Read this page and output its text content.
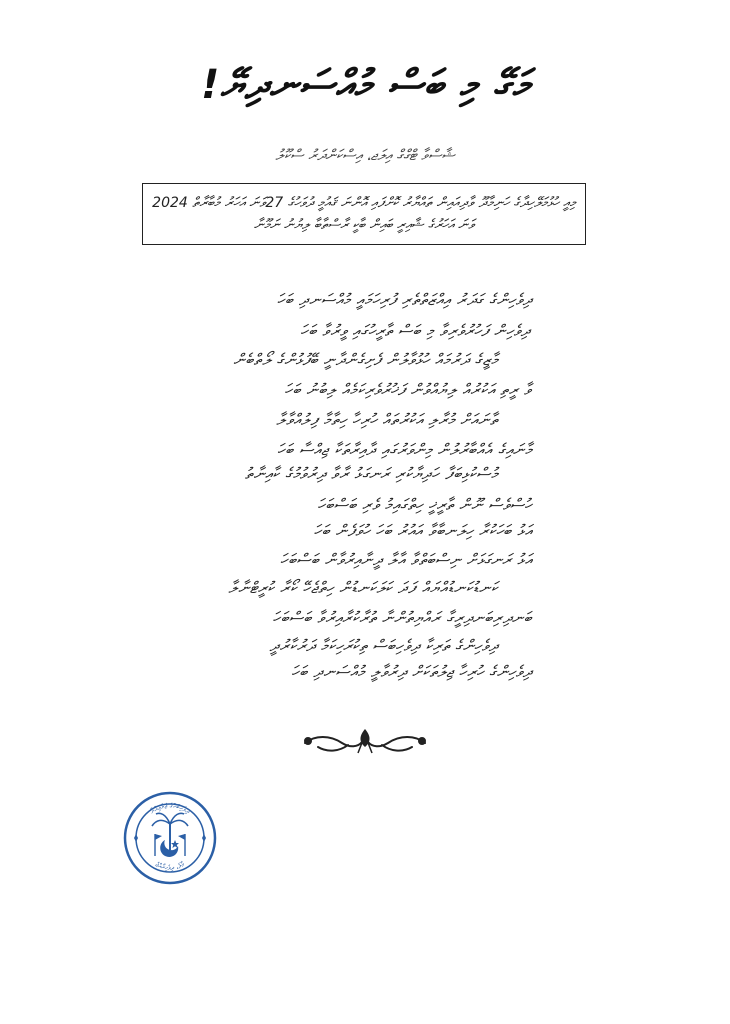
މަގޭ މި ބަސް މުއްސަނދިޔޭ!
ޝާސްވާ ޓްގްގް އިލަޖ، އިސްކަންދަރު ސްކޫލު
މިއީ ހުޅުމަލޭހިދާގެ ހަނިމާދޫ ވާދިއައިން ތައްޔާރު ކޮށްފައި އޮންނަ ޤައުމީ ދުވަހުގެ 27ވަނަ އަހަރު މުބާރާތް 2024
ވަނަ އަހަރުގެ ޝާއިރީ ބައިން ބާކީ ރާސްތާބާ ލިޔުނު ނަމޫނާ
ދިވެހިންގެ ގަދަރު އިއްޒަތްތެރި ފުރިހަމައީ މުއްސަނދި ބަހަ
ދިވެހިން ފަހުރުވެރިވާ މި ބަސް ތާރީހުގައި ވީރުވާ ބަހަ
މާޒީގެ ދަރުމައް ހުޅުވާލުން ފެށިގެންދާނީ ބޭފުޅުންގެ ލޯތްބެން
ވާ ރީތި އަކުރުއް ލިޔުއްވުން ފަޚުރުވެރިކަމެއް ލިބުނު ބަހަ
ތާނައަށް މުރާލި އަކުރުތައް ހުރިހާ ހިތާމާ ފިލުއްވާލާ
މާނައިގެ އެއްބާރުލުން މިންވަރުގައި ދާއިރާތަކާ ޖިއްސާ ބަހަ
މުސްކުޅިބަފާ ހަދިޔާކުރި ރަނގަޅު ރާވާ ދިރުވުމުގެ ކާއިނާތު
ހުސްވެސް ނޫން ތާރީޚީ ހިތްގައިމު ވެރި ބަސްބަހަ
އަޅު ބަހަކުރާ ހިލަނބާވާ އައުރު ބަހަ ހުވަފެން ބަހަ
އަޅު ރަނގަޅަށް ނިސްބަތްވާ އާލާ ދީނާއިރުވާން ބަސްބަހަ
ކަނޑުކަނޑުއްޔައް ފަދަ ކަލަކަނޑުން ހިތްޖެހޭ ކޯރާ ކުރީޓްނާލާ
ބަނދިރިބަނދިރީގާ ރައްޔިތުންނާ ތުރާކުރާއިރުވާ ބަސްބަހަ
ދިވެހިންގެ ތަރިކާ ދިވެހިބަސް ތިކުރަހިކަމާ ދަރުކާރުދީ
ދިވެހިންގެ ހުރިހާ ޖިލުތަކަށް ދިރުވާލީ މުއްސަނދި ބަހަ
ދިވެހިބަހުގެ ޖަމްޢިއްޔާ
މާލެ، ދިވެހިރާއްޖެ
